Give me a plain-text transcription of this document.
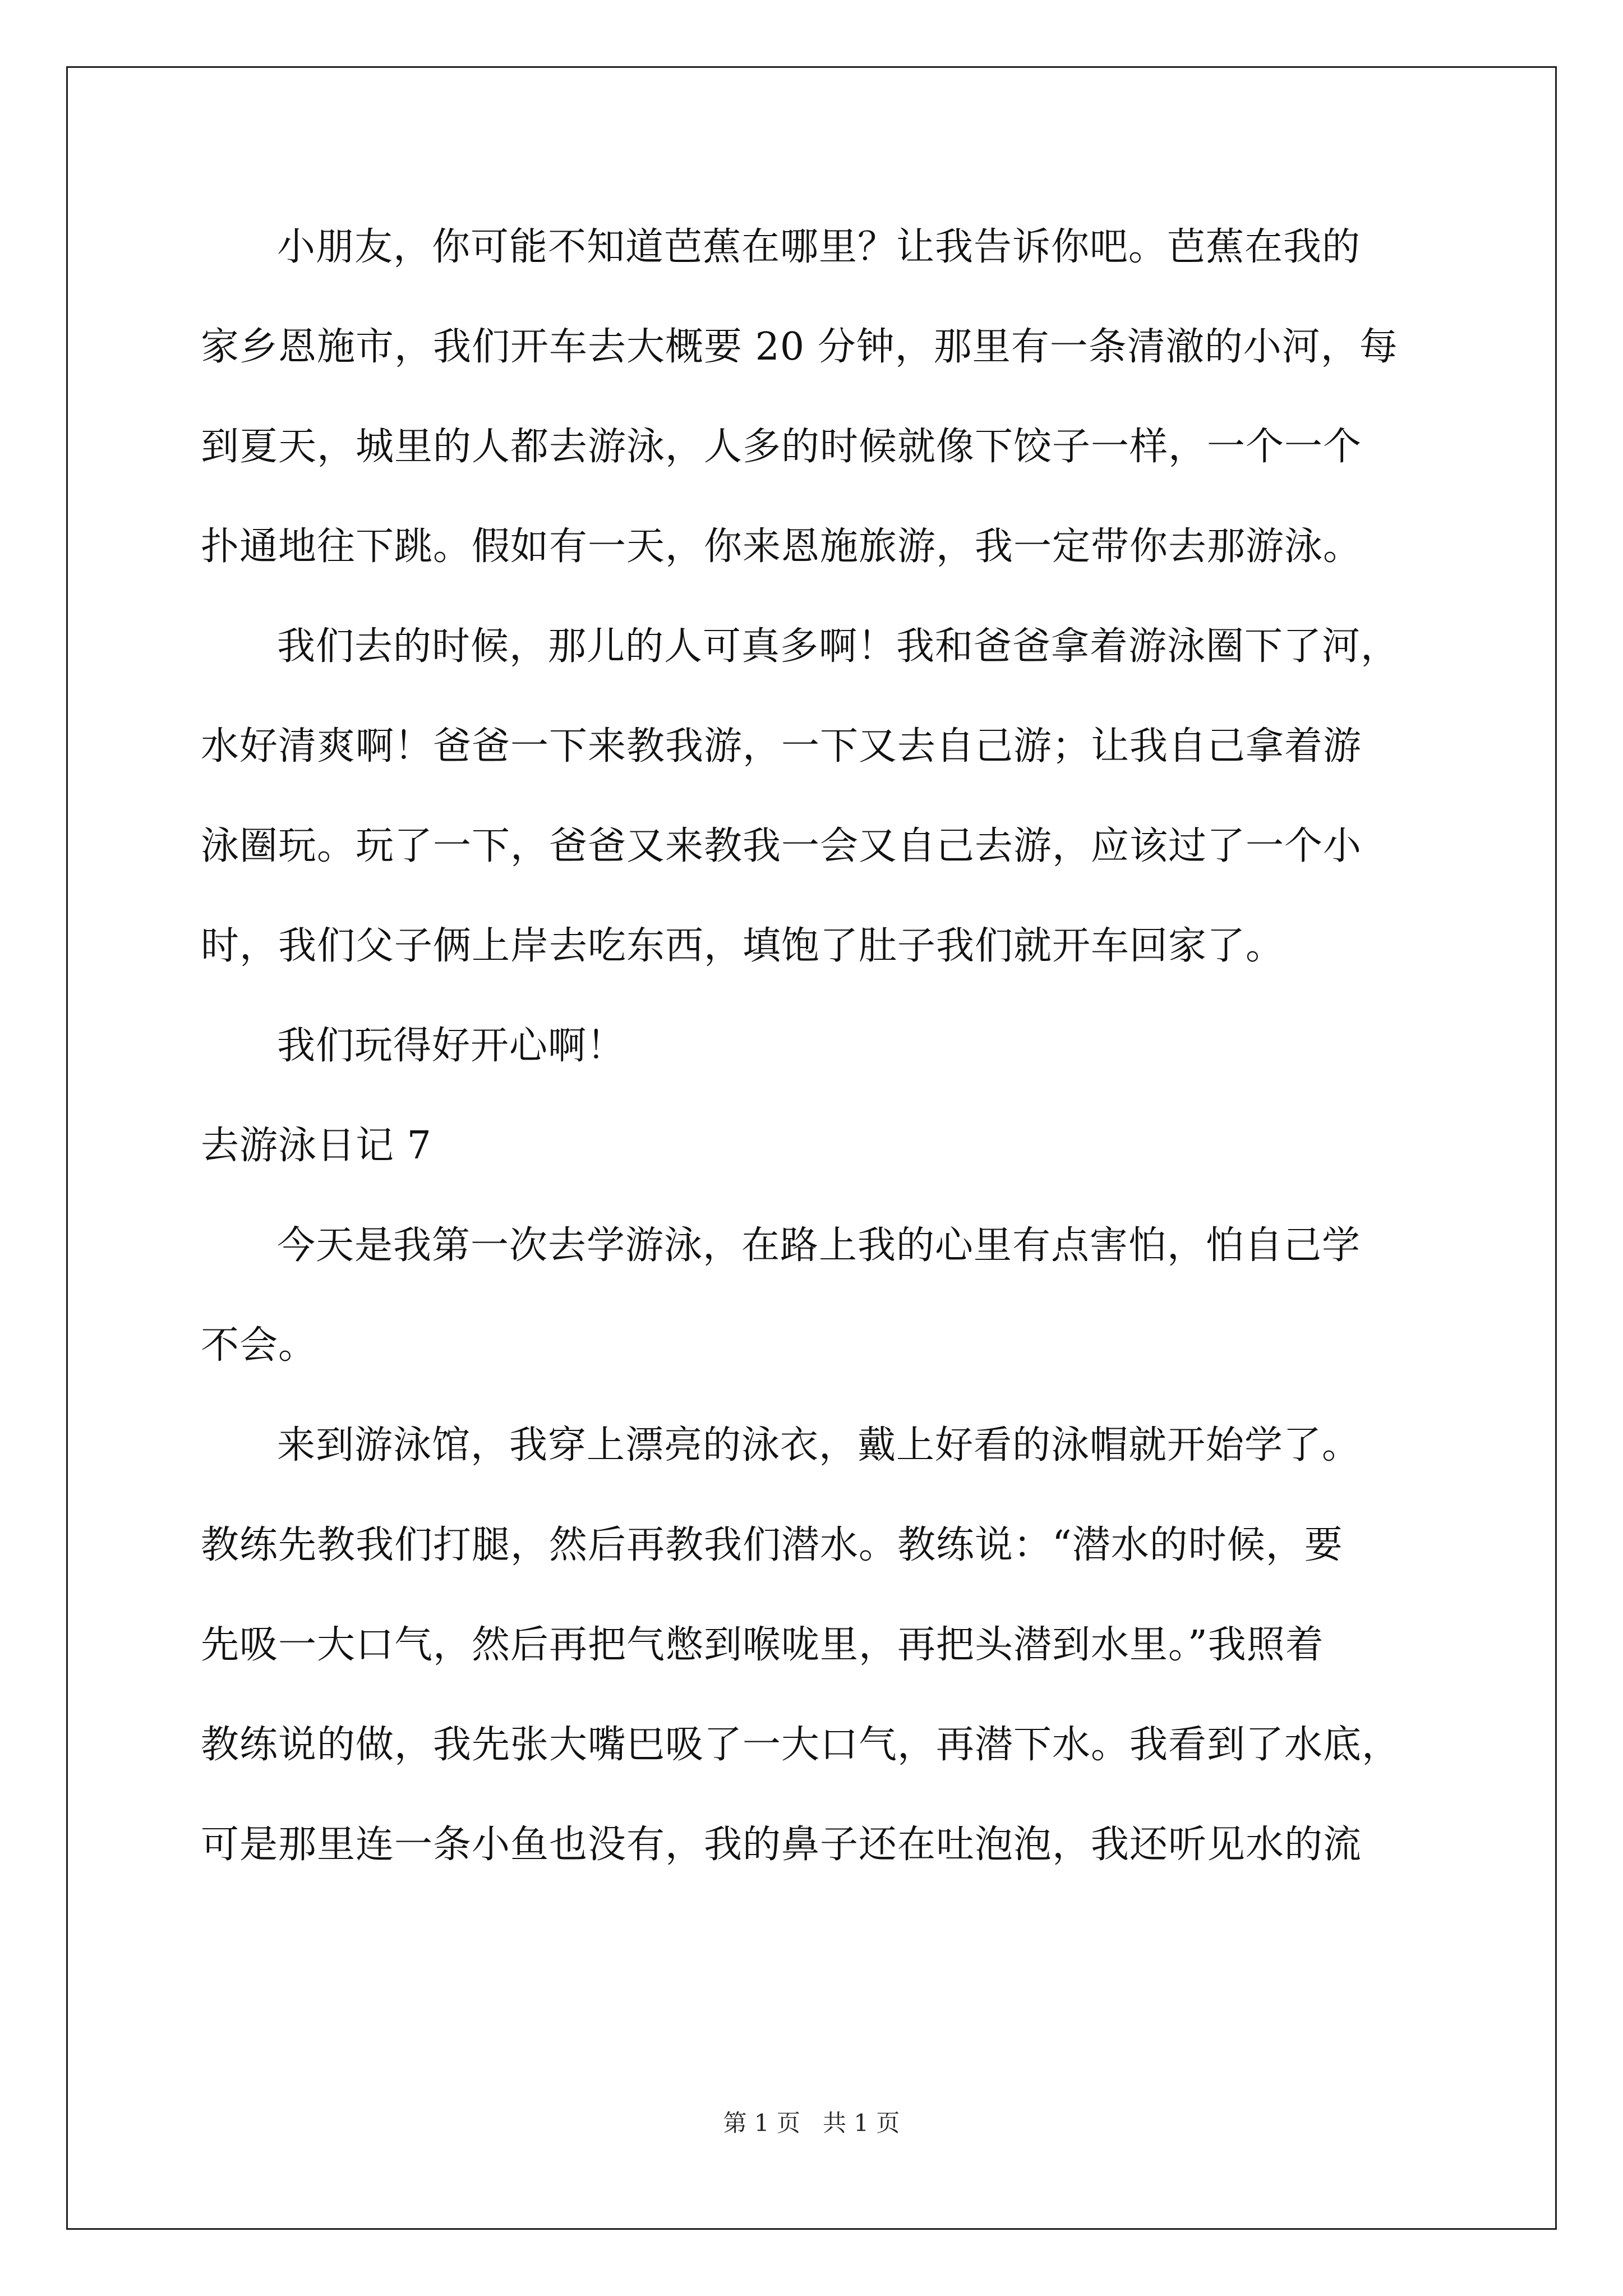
小朋友，你可能不知道芭蕉在哪里？让我告诉你吧。芭蕉在我的
家乡恩施市，我们开车去大概要 20 分钟，那里有一条清澈的小河，每
到夏天，城里的人都去游泳，人多的时候就像下饺子一样，一个一个
扑通地往下跳。假如有一天，你来恩施旅游，我一定带你去那游泳。
我们去的时候，那儿的人可真多啊！我和爸爸拿着游泳圈下了河，
水好清爽啊！爸爸一下来教我游，一下又去自己游；让我自己拿着游
泳圈玩。玩了一下，爸爸又来教我一会又自己去游，应该过了一个小
时，我们父子俩上岸去吃东西，填饱了肚子我们就开车回家了。
我们玩得好开心啊！
去游泳日记 7
今天是我第一次去学游泳，在路上我的心里有点害怕，怕自己学
不会。
来到游泳馆，我穿上漂亮的泳衣，戴上好看的泳帽就开始学了。
教练先教我们打腿，然后再教我们潜水。教练说：“潜水的时候，要
先吸一大口气，然后再把气憋到喉咙里，再把头潜到水里。”我照着
教练说的做，我先张大嘴巴吸了一大口气，再潜下水。我看到了水底，
可是那里连一条小鱼也没有，我的鼻子还在吐泡泡，我还听见水的流
第 1 页 共 1 页
